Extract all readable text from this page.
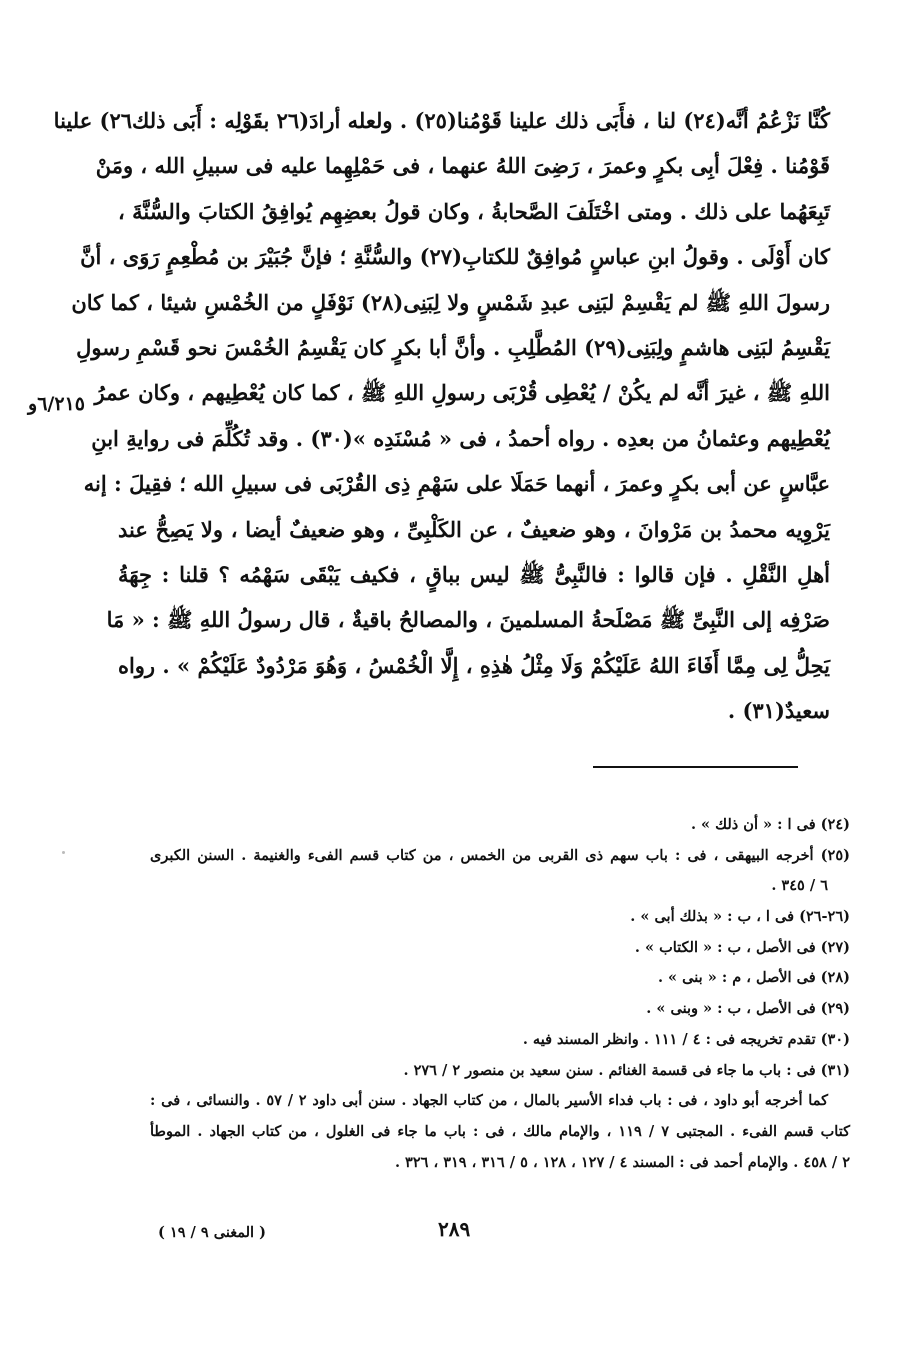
كُنَّا نَزْعُمُ أنَّه(٢٤) لنا ، فأَبَى ذلك علينا قَوْمُنا(٢٥) . ولعله أرادَ(٢٦ بقَوْلِه : أَبَى ذلك٢٦) علينا
قَوْمُنا . فِعْلَ أبِى بكرٍ وعمرَ ، رَضِىَ اللهُ عنهما ، فى حَمْلِهِما عليه فى سبيلِ الله ، ومَنْ
تَبِعَهُما على ذلك . ومتى اخْتَلَفَ الصَّحابةُ ، وكان قولُ بعضِهِم يُوافِقُ الكتابَ والسُّنَّةَ ،
كان أَوْلَى . وقولُ ابنِ عباسٍ مُوافِقٌ للكتابِ(٢٧) والسُّنَّةِ ؛ فإنَّ جُبَيْرَ بن مُطْعِمٍ رَوَى ، أنَّ
رسولَ اللهِ ﷺ لم يَقْسِمْ لبَنِى عبدِ شَمْسٍ ولا لِبَنِى(٢٨) نَوْفَلٍ من الخُمْسِ شيئا ، كما كان
يَقْسِمُ لبَنِى هاشمٍ ولِبَنِى(٢٩) المُطَّلِبِ . وأنَّ أبا بكرٍ كان يَقْسِمُ الخُمْسَ نحو قَسْمِ رسولِ
اللهِ ﷺ ، غيرَ أنَّه لم يكُنْ / يُعْطِى قُرْبَى رسولِ اللهِ ﷺ ، كما كان يُعْطِيهم ، وكان عمرُ
يُعْطِيهم وعثمانُ من بعدِه . رواه أحمدُ ، فى « مُسْنَدِه »(٣٠) . وقد تُكُلِّمَ فى روايةِ ابنِ
عبَّاسٍ عن أبى بكرٍ وعمرَ ، أنهما حَمَلَا على سَهْمِ ذِى القُرْبَى فى سبيلِ الله ؛ فقِيلَ : إنه
يَرْوِيه محمدُ بن مَرْوانَ ، وهو ضعيفٌ ، عن الكَلْبِىِّ ، وهو ضعيفٌ أيضا ، ولا يَصِحُّ عند
أهلِ النَّقْلِ . فإن قالوا : فالنَّبِىُّ ﷺ ليس بباقٍ ، فكيف يَبْقَى سَهْمُه ؟ قلنا : جِهَةُ
صَرْفِه إلى النَّبِىِّ ﷺ مَصْلَحةُ المسلمينَ ، والمصالحُ باقيةٌ ، قال رسولُ اللهِ ﷺ : « مَا
يَحِلُّ لِى مِمَّا أَفَاءَ اللهُ عَلَيْكُمْ وَلَا مِثْلُ هٰذِهِ ، إِلَّا الْخُمْسُ ، وَهُوَ مَرْدُودٌ عَلَيْكُمْ » . رواه
سعيدٌ(٣١) .
٦/٢١٥و
(٢٤) فى ا : « أن ذلك » .
(٢٥) أخرجه البيهقى ، فى : باب سهم ذى القربى من الخمس ، من كتاب قسم الفىء والغنيمة . السنن الكبرى
٦ / ٣٤٥ .
(٢٦-٢٦) فى ا ، ب : « بذلك أبى » .
(٢٧) فى الأصل ، ب : « الكتاب » .
(٢٨) فى الأصل ، م : « بنى » .
(٢٩) فى الأصل ، ب : « وبنى » .
(٣٠) تقدم تخريجه فى : ٤ / ١١١ . وانظر المسند فيه .
(٣١) فى : باب ما جاء فى قسمة الغنائم . سنن سعيد بن منصور ٢ / ٢٧٦ .
كما أخرجه أبو داود ، فى : باب فداء الأسير بالمال ، من كتاب الجهاد . سنن أبى داود ٢ / ٥٧ . والنسائى ، فى :
كتاب قسم الفىء . المجتبى ٧ / ١١٩ ، والإمام مالك ، فى : باب ما جاء فى الغلول ، من كتاب الجهاد . الموطأ
٢ / ٤٥٨ . والإمام أحمد فى : المسند ٤ / ١٢٧ ، ١٢٨ ، ٥ / ٣١٦ ، ٣١٩ ، ٣٢٦ .
٢٨٩
( المغنى ٩ / ١٩ )
